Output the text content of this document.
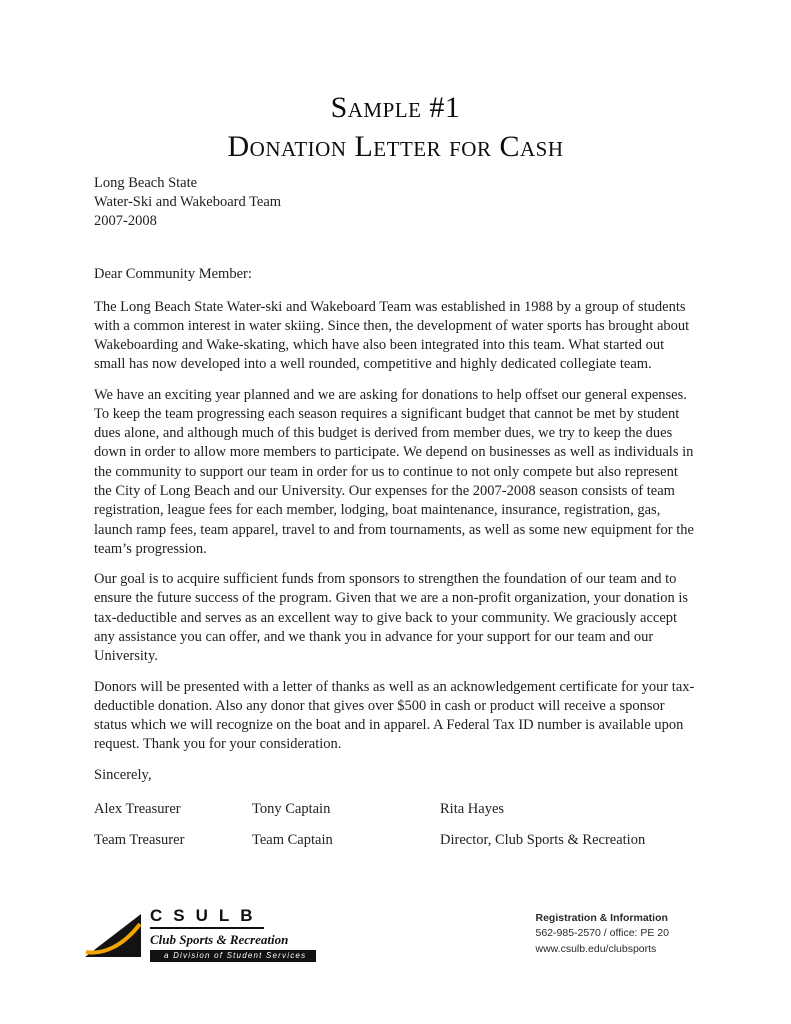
Sample #1
Donation Letter for Cash
Long Beach State
Water-Ski and Wakeboard Team
2007-2008
Dear Community Member:

The Long Beach State Water-ski and Wakeboard Team was established in 1988 by a group of students with a common interest in water skiing. Since then, the development of water sports has brought about Wakeboarding and Wake-skating, which have also been integrated into this team. What started out small has now developed into a well rounded, competitive and highly dedicated collegiate team.

We have an exciting year planned and we are asking for donations to help offset our general expenses. To keep the team progressing each season requires a significant budget that cannot be met by student dues alone, and although much of this budget is derived from member dues, we try to keep the dues down in order to allow more members to participate. We depend on businesses as well as individuals in the community to support our team in order for us to continue to not only compete but also represent the City of Long Beach and our University. Our expenses for the 2007-2008 season consists of team registration, league fees for each member, lodging, boat maintenance, insurance, registration, gas, launch ramp fees, team apparel, travel to and from tournaments, as well as some new equipment for the team’s progression.

Our goal is to acquire sufficient funds from sponsors to strengthen the foundation of our team and to ensure the future success of the program. Given that we are a non-profit organization, your donation is tax-deductible and serves as an excellent way to give back to your community. We graciously accept any assistance you can offer, and we thank you in advance for your support for our team and our University.

Donors will be presented with a letter of thanks as well as an acknowledgement certificate for your tax-deductible donation. Also any donor that gives over $500 in cash or product will receive a sponsor status which we will recognize on the boat and in apparel. A Federal Tax ID number is available upon request. Thank you for your consideration.

Sincerely,
Alex Treasurer	Tony Captain	Rita Hayes
Team Treasurer	Team Captain	Director, Club Sports & Recreation
CSULB
Club Sports & Recreation
a Division of Student Services
Registration & Information
562-985-2570 / office: PE 20
www.csulb.edu/clubsports
